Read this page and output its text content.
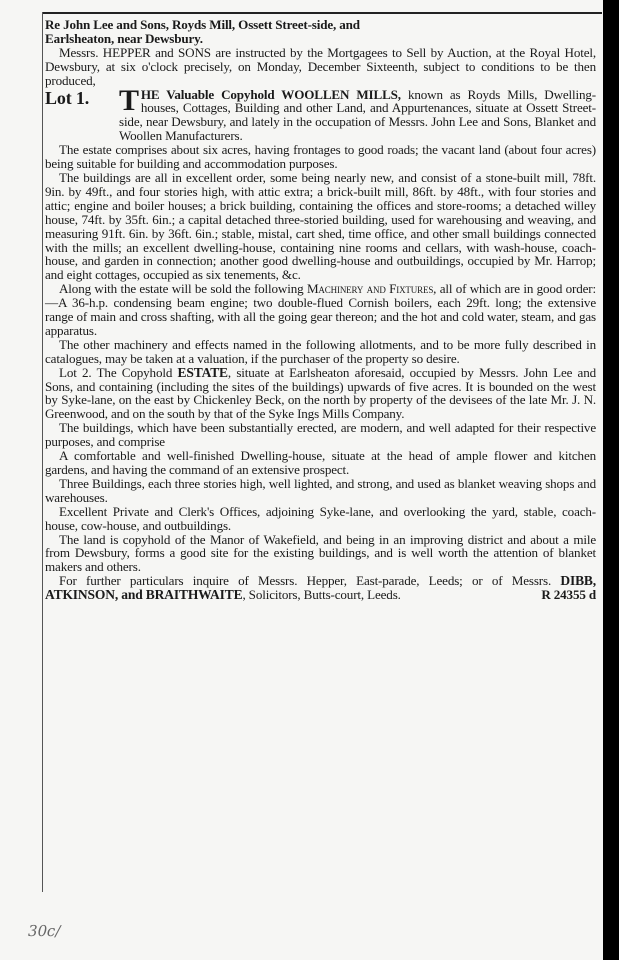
Re John Lee and Sons, Royds Mill, Ossett Street-side, and
Earlsheaton, near Dewsbury.

Messrs. HEPPER and SONS are instructed by the Mortgagees to Sell by Auction, at the Royal Hotel, Dewsbury, at six o'clock precisely, on Monday, December Sixteenth, subject to conditions to be then produced,

Lot 1. T HE Valuable Copyhold WOOLLEN MILLS, known as Royds Mills, Dwelling-houses, Cottages, Building and other Land, and Appurtenances, situate at Ossett Street-side, near Dewsbury, and lately in the occupation of Messrs. John Lee and Sons, Blanket and Woollen Manufacturers.

The estate comprises about six acres, having frontages to good roads; the vacant land (about four acres) being suitable for building and accommodation purposes.

The buildings are all in excellent order, some being nearly new, and consist of a stone-built mill, 78ft. 9in. by 49ft., and four stories high, with attic extra; a brick-built mill, 86ft. by 48ft., with four stories and attic; engine and boiler houses; a brick building, containing the offices and store-rooms; a detached willey house, 74ft. by 35ft. 6in.; a capital detached three-storied building, used for warehousing and weaving, and measuring 91ft. 6in. by 36ft. 6in.; stable, mistal, cart shed, time office, and other small buildings connected with the mills; an excellent dwelling-house, containing nine rooms and cellars, with wash-house, coach-house, and garden in connection; another good dwelling-house and outbuildings, occupied by Mr. Harrop; and eight cottages, occupied as six tenements, &c.

Along with the estate will be sold the following Machinery and Fixtures, all of which are in good order:—A 36-h.p. condensing beam engine; two double-flued Cornish boilers, each 29ft. long; the extensive range of main and cross shafting, with all the going gear thereon; and the hot and cold water, steam, and gas apparatus.

The other machinery and effects named in the following allotments, and to be more fully described in catalogues, may be taken at a valuation, if the purchaser of the property so desire.

Lot 2. The Copyhold ESTATE, situate at Earlsheaton aforesaid, occupied by Messrs. John Lee and Sons, and containing (including the sites of the buildings) upwards of five acres. It is bounded on the west by Syke-lane, on the east by Chickenley Beck, on the north by property of the devisees of the late Mr. J. N. Greenwood, and on the south by that of the Syke Ings Mills Company.

The buildings, which have been substantially erected, are modern, and well adapted for their respective purposes, and comprise

A comfortable and well-finished Dwelling-house, situate at the head of ample flower and kitchen gardens, and having the command of an extensive prospect.

Three Buildings, each three stories high, well lighted, and strong, and used as blanket weaving shops and warehouses.

Excellent Private and Clerk's Offices, adjoining Syke-lane, and overlooking the yard, stable, coach-house, cow-house, and outbuildings.

The land is copyhold of the Manor of Wakefield, and being in an improving district and about a mile from Dewsbury, forms a good site for the existing buildings, and is well worth the attention of blanket makers and others.

For further particulars inquire of Messrs. Hepper, East-parade, Leeds; or of Messrs. DIBB, ATKINSON, and BRAITHWAITE, Solicitors, Butts-court, Leeds.	R 24355 d

30c/
